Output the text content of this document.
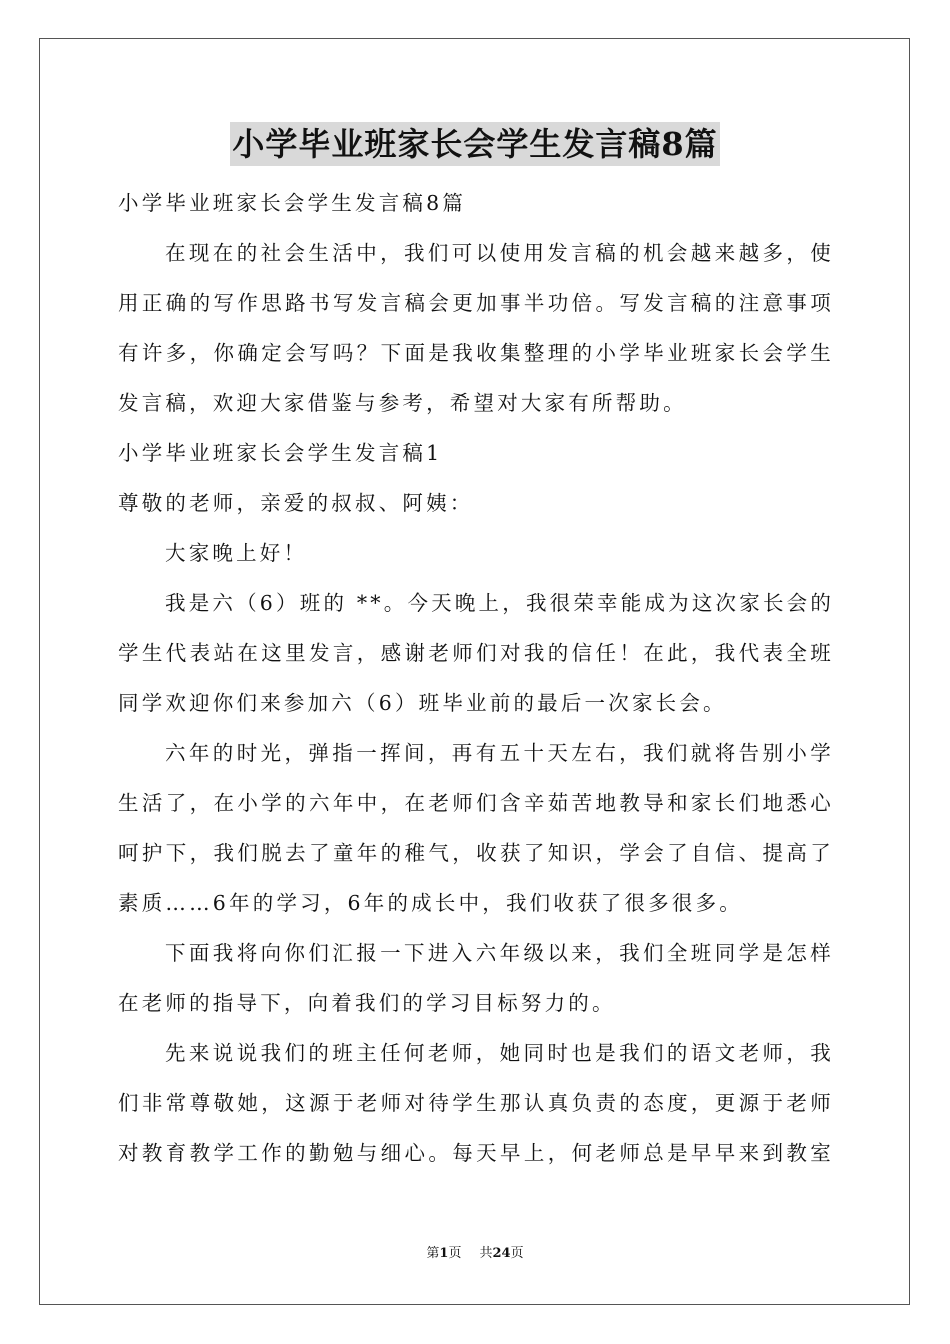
小学毕业班家长会学生发言稿8篇

小学毕业班家长会学生发言稿8篇

在现在的社会生活中，我们可以使用发言稿的机会越来越多，使

用正确的写作思路书写发言稿会更加事半功倍。写发言稿的注意事项

有许多，你确定会写吗？下面是我收集整理的小学毕业班家长会学生

发言稿，欢迎大家借鉴与参考，希望对大家有所帮助。

小学毕业班家长会学生发言稿1

尊敬的老师，亲爱的叔叔、阿姨：

大家晚上好！

我是六（6）班的 **。今天晚上，我很荣幸能成为这次家长会的

学生代表站在这里发言，感谢老师们对我的信任！在此，我代表全班

同学欢迎你们来参加六（6）班毕业前的最后一次家长会。

六年的时光，弹指一挥间，再有五十天左右，我们就将告别小学

生活了，在小学的六年中，在老师们含辛茹苦地教导和家长们地悉心

呵护下，我们脱去了童年的稚气，收获了知识，学会了自信、提高了

素质……6年的学习，6年的成长中，我们收获了很多很多。

下面我将向你们汇报一下进入六年级以来，我们全班同学是怎样

在老师的指导下，向着我们的学习目标努力的。

先来说说我们的班主任何老师，她同时也是我们的语文老师，我

们非常尊敬她，这源于老师对待学生那认真负责的态度，更源于老师

对教育教学工作的勤勉与细心。每天早上，何老师总是早早来到教室

第1页 共24页
